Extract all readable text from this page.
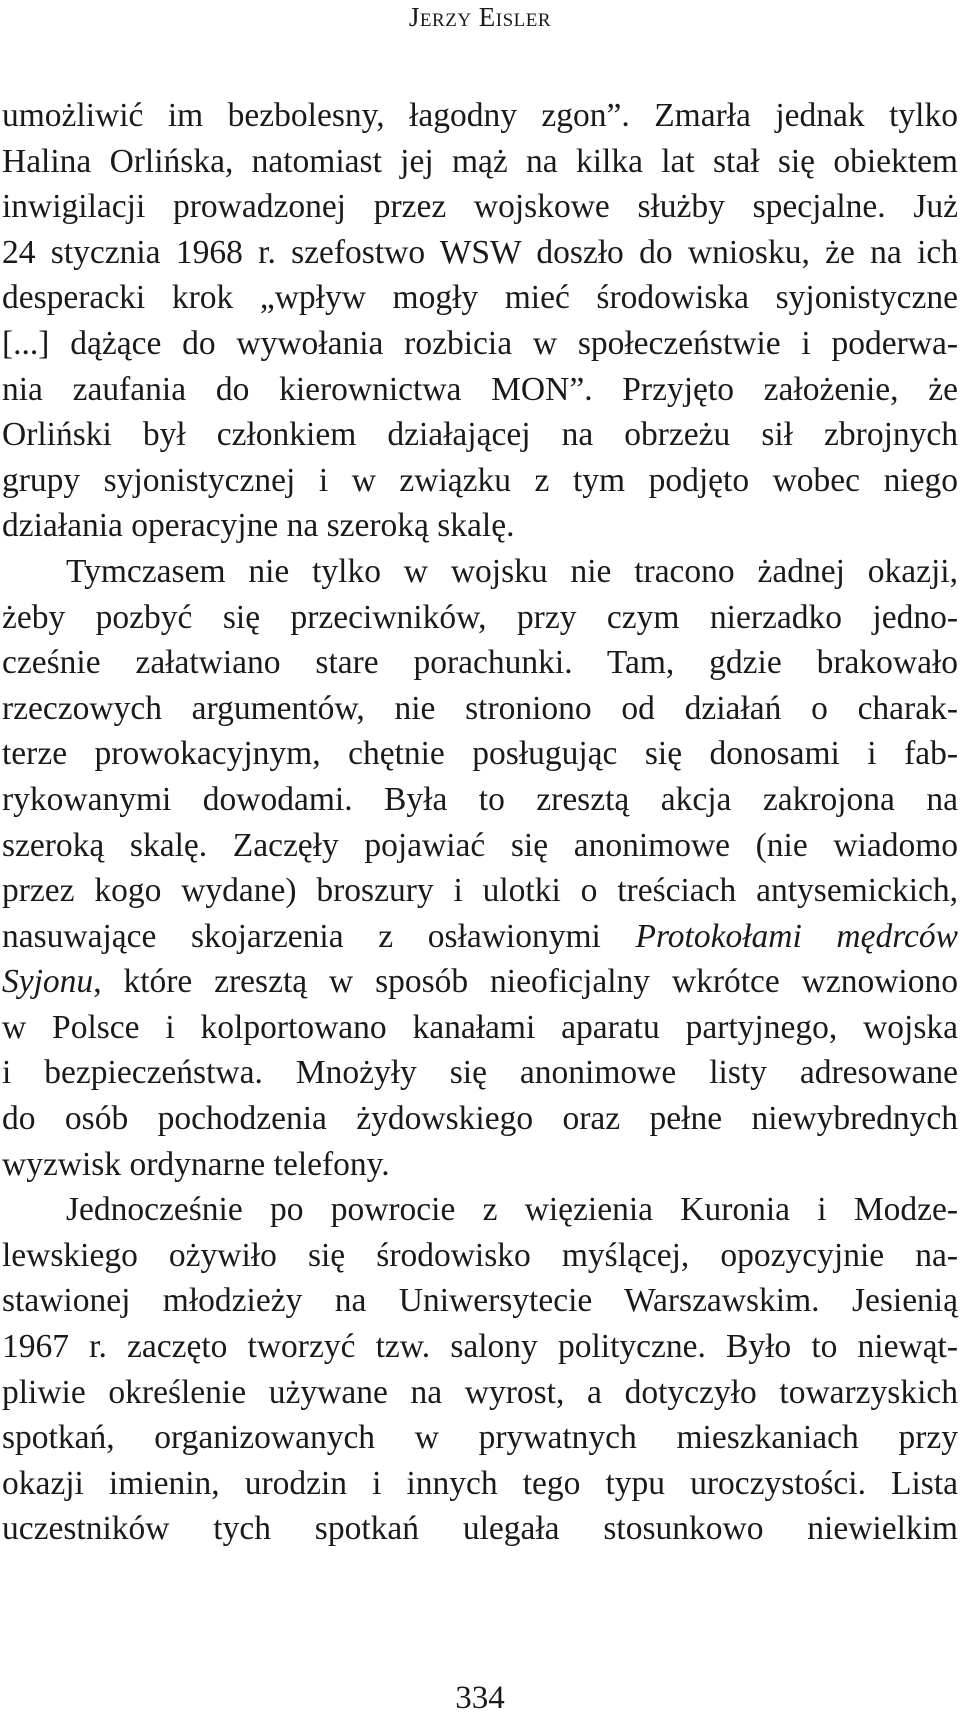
Jerzy Eisler
umożliwić im bezbolesny, łagodny zgon”. Zmarła jednak tylko
Halina Orlińska, natomiast jej mąż na kilka lat stał się obiektem
inwigilacji prowadzonej przez wojskowe służby specjalne. Już
24 stycznia 1968 r. szefostwo WSW doszło do wniosku, że na ich
desperacki krok „wpływ mogły mieć środowiska syjonistyczne
[...] dążące do wywołania rozbicia w społeczeństwie i poderwa-
nia zaufania do kierownictwa MON”. Przyjęto założenie, że
Orliński był członkiem działającej na obrzeżu sił zbrojnych
grupy syjonistycznej i w związku z tym podjęto wobec niego
działania operacyjne na szeroką skalę.
Tymczasem nie tylko w wojsku nie tracono żadnej okazji,
żeby pozbyć się przeciwników, przy czym nierzadko jedno-
cześnie załatwiano stare porachunki. Tam, gdzie brakowało
rzeczowych argumentów, nie stroniono od działań o charak-
terze prowokacyjnym, chętnie posługując się donosami i fab-
rykowanymi dowodami. Była to zresztą akcja zakrojona na
szeroką skalę. Zaczęły pojawiać się anonimowe (nie wiadomo
przez kogo wydane) broszury i ulotki o treściach antysemickich,
nasuwające skojarzenia z osławionymi Protokołami mędrców
Syjonu, które zresztą w sposób nieoficjalny wkrótce wznowiono
w Polsce i kolportowano kanałami aparatu partyjnego, wojska
i bezpieczeństwa. Mnożyły się anonimowe listy adresowane
do osób pochodzenia żydowskiego oraz pełne niewybrednych
wyzwisk ordynarne telefony.
Jednocześnie po powrocie z więzienia Kuronia i Modze-
lewskiego ożywiło się środowisko myślącej, opozycyjnie na-
stawionej młodzieży na Uniwersytecie Warszawskim. Jesienią
1967 r. zaczęto tworzyć tzw. salony polityczne. Było to niewąt-
pliwie określenie używane na wyrost, a dotyczyło towarzyskich
spotkań, organizowanych w prywatnych mieszkaniach przy
okazji imienin, urodzin i innych tego typu uroczystości. Lista
uczestników tych spotkań ulegała stosunkowo niewielkim
334
